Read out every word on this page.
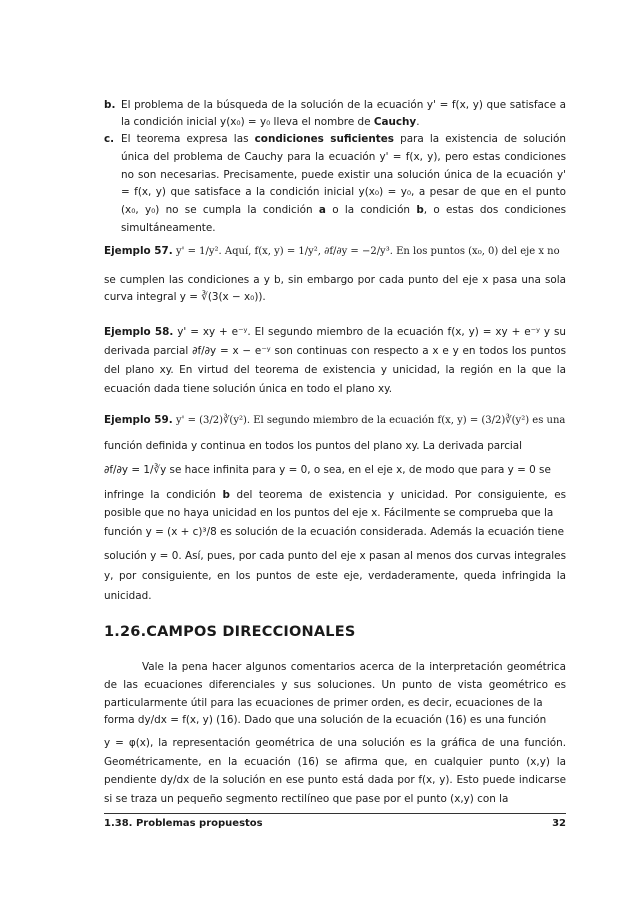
b. El problema de la búsqueda de la solución de la ecuación y' = f(x, y) que satisface a la condición inicial y(x₀) = y₀ lleva el nombre de Cauchy.
c. El teorema expresa las condiciones suficientes para la existencia de solución única del problema de Cauchy para la ecuación y' = f(x, y), pero estas condiciones no son necesarias. Precisamente, puede existir una solución única de la ecuación y' = f(x, y) que satisface a la condición inicial y(x₀) = y₀, a pesar de que en el punto (x₀, y₀) no se cumpla la condición a o la condición b, o estas dos condiciones simultáneamente.

Ejemplo 57. y' = 1/y². Aquí, f(x, y) = 1/y², ∂f/∂y = −2/y³. En los puntos (x₀, 0) del eje x no

se cumplen las condiciones a y b, sin embargo por cada punto del eje x pasa una sola curva integral y = ∛(3(x − x₀)).

Ejemplo 58. y' = xy + e⁻ʸ. El segundo miembro de la ecuación f(x, y) = xy + e⁻ʸ y su derivada parcial ∂f/∂y = x − e⁻ʸ son continuas con respecto a x e y en todos los puntos del plano xy. En virtud del teorema de existencia y unicidad, la región en la que la ecuación dada tiene solución única en todo el plano xy.

Ejemplo 59. y' = (3/2)∛(y²). El segundo miembro de la ecuación f(x, y) = (3/2)∛(y²) es una

función definida y continua en todos los puntos del plano xy. La derivada parcial

∂f/∂y = 1/∛y se hace infinita para y = 0, o sea, en el eje x, de modo que para y = 0 se

infringe la condición b del teorema de existencia y unicidad. Por consiguiente, es posible que no haya unicidad en los puntos del eje x. Fácilmente se comprueba que la

función y = (x + c)³/8 es solución de la ecuación considerada. Además la ecuación tiene

solución y = 0. Así, pues, por cada punto del eje x pasan al menos dos curvas integrales y, por consiguiente, en los puntos de este eje, verdaderamente, queda infringida la unicidad.

1.26.CAMPOS DIRECCIONALES

Vale la pena hacer algunos comentarios acerca de la interpretación geométrica de las ecuaciones diferenciales y sus soluciones. Un punto de vista geométrico es particularmente útil para las ecuaciones de primer orden, es decir, ecuaciones de la

forma dy/dx = f(x, y) (16). Dado que una solución de la ecuación (16) es una función

y = φ(x), la representación geométrica de una solución es la gráfica de una función. Geométricamente, en la ecuación (16) se afirma que, en cualquier punto (x,y) la pendiente dy/dx de la solución en ese punto está dada por f(x, y). Esto puede indicarse si se traza un pequeño segmento rectilíneo que pase por el punto (x,y) con la

1.38. Problemas propuestos	32
